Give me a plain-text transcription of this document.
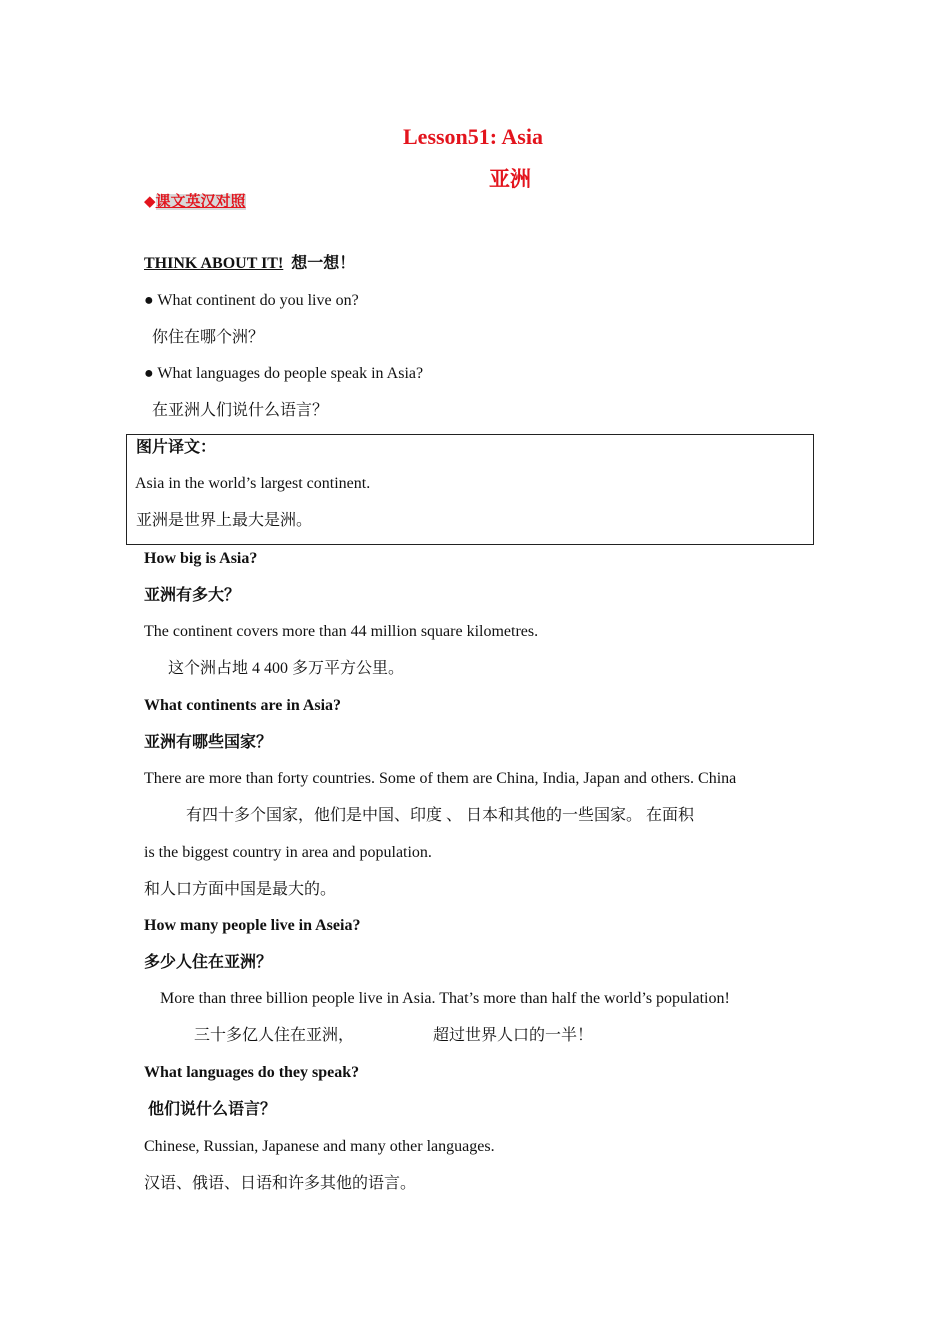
Lesson51: Asia
亚洲
◆课文英汉对照
THINK ABOUT IT! 想一想！
● What continent do you live on?
你住在哪个洲？
● What languages do people speak in Asia?
在亚洲人们说什么语言？
图片译文：
Asia in the world’s largest continent.
亚洲是世界上最大是洲。
How big is Asia?
亚洲有多大？
The continent covers more than 44 million square kilometres.
这个洲占地 4 400 多万平方公里。
What continents are in Asia?
亚洲有哪些国家？
There are more than forty countries. Some of them are China, India, Japan and others. China
有四十多个国家，他们是中国、印度 、 日本和其他的一些国家。 在面积
is the biggest country in area and population.
和人口方面中国是最大的。
How many people live in Aseia?
多少人住在亚洲？
More than three billion people live in Asia. That’s more than half the world’s population!
三十多亿人住在亚洲，	超过世界人口的一半！
What languages do they speak?
他们说什么语言？
Chinese, Russian, Japanese and many other languages.
汉语、俄语、日语和许多其他的语言。
